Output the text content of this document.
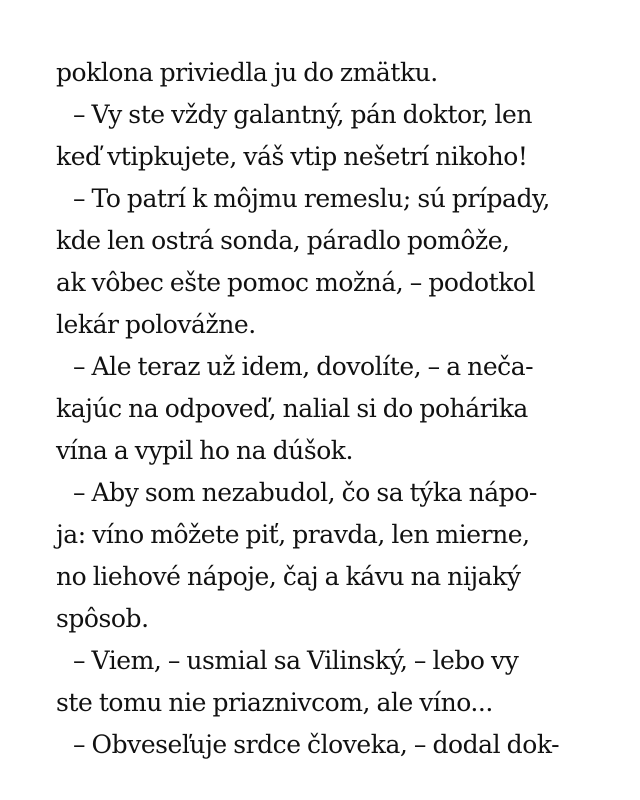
poklona priviedla ju do zmätku.
– Vy ste vždy galantný, pán doktor, len
keď vtipkujete, váš vtip nešetrí nikoho!
– To patrí k môjmu remeslu; sú prípady,
kde len ostrá sonda, páradlo pomôže,
ak vôbec ešte pomoc možná, – podotkol
lekár polovážne.
– Ale teraz už idem, dovolíte, – a neča-
kajúc na odpoveď, nalial si do pohárika
vína a vypil ho na dúšok.
– Aby som nezabudol, čo sa týka nápo-
ja: víno môžete piť, pravda, len mierne,
no liehové nápoje, čaj a kávu na nijaký
spôsob.
– Viem, – usmial sa Vilinský, – lebo vy
ste tomu nie priaznivcom, ale víno...
– Obveseľuje srdce človeka, – dodal dok-
